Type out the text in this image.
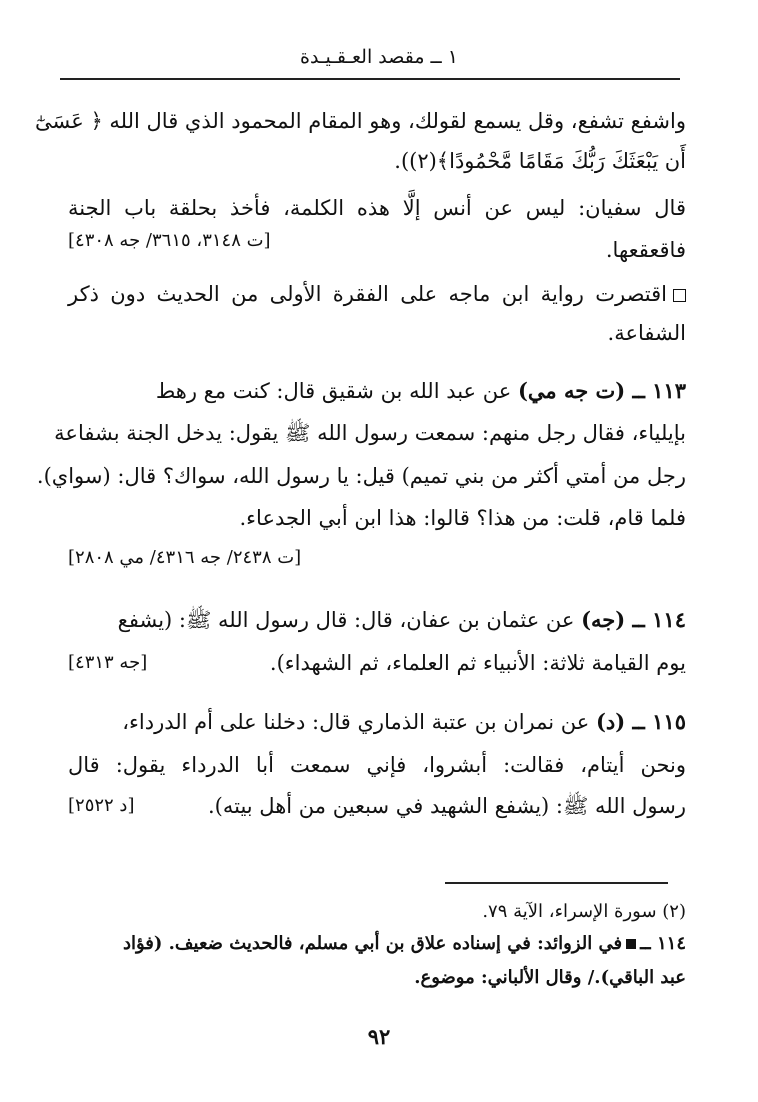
١ ــ مقصد العـقـيـدة
واشفع تشفع، وقل يسمع لقولك، وهو المقام المحمود الذي قال الله ﴿ عَسَىٰٓ
أَن يَبْعَثَكَ رَبُّكَ مَقَامًا مَّحْمُودًا﴾(٢)).
قال سفيان: ليس عن أنس إلَّا هذه الكلمة، فأخذ بحلقة باب الجنة
فاقعقعها.
[ت ٣١٤٨، ٣٦١٥/ جه ٤٣٠٨]
اقتصرت رواية ابن ماجه على الفقرة الأولى من الحديث دون ذكر
الشفاعة.
١١٣ ــ (ت جه مي) عن عبد الله بن شقيق قال: كنت مع رهط
بإيلياء، فقال رجل منهم: سمعت رسول الله ﷺ يقول: يدخل الجنة بشفاعة
رجل من أمتي أكثر من بني تميم) قيل: يا رسول الله، سواك؟ قال: (سواي).
فلما قام، قلت: من هذا؟ قالوا: هذا ابن أبي الجدعاء.
[ت ٢٤٣٨/ جه ٤٣١٦/ مي ٢٨٠٨]
١١٤ ــ (جه) عن عثمان بن عفان، قال: قال رسول الله ﷺ: (يشفع
يوم القيامة ثلاثة: الأنبياء ثم العلماء، ثم الشهداء).
[جه ٤٣١٣]
١١٥ ــ (د) عن نمران بن عتبة الذماري قال: دخلنا على أم الدرداء،
ونحن أيتام، فقالت: أبشروا، فإني سمعت أبا الدرداء يقول: قال
رسول الله ﷺ: (يشفع الشهيد في سبعين من أهل بيته).
[د ٢٥٢٢]
(٢) سورة الإسراء، الآية ٧٩.
١١٤ ــفي الزوائد: في إسناده علاق بن أبي مسلم، فالحديث ضعيف. (فؤاد
عبد الباقي)./ وقال الألباني: موضوع.
٩٢
